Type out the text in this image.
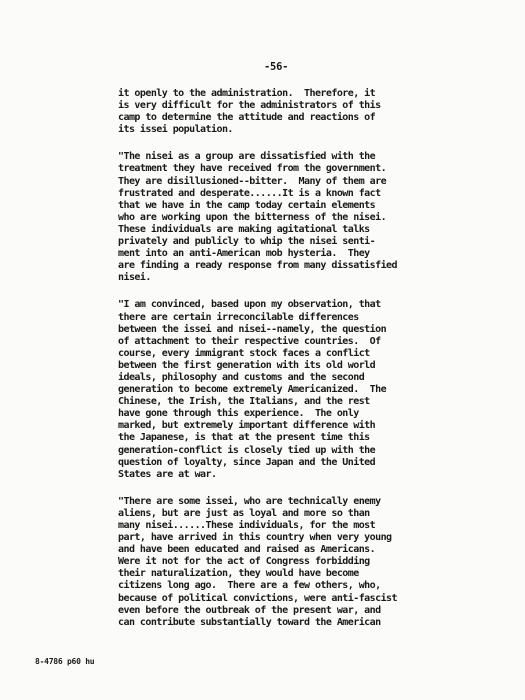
-56-
it openly to the administration.  Therefore, it
is very difficult for the administrators of this
camp to determine the attitude and reactions of
its issei population.
"The nisei as a group are dissatisfied with the
treatment they have received from the government.
They are disillusioned--bitter.  Many of them are
frustrated and desperate......It is a known fact
that we have in the camp today certain elements
who are working upon the bitterness of the nisei.
These individuals are making agitational talks
privately and publicly to whip the nisei senti-
ment into an anti-American mob hysteria.  They
are finding a ready response from many dissatisfied
nisei.
"I am convinced, based upon my observation, that
there are certain irreconcilable differences
between the issei and nisei--namely, the question
of attachment to their respective countries.  Of
course, every immigrant stock faces a conflict
between the first generation with its old world
ideals, philosophy and customs and the second
generation to become extremely Americanized.  The
Chinese, the Irish, the Italians, and the rest
have gone through this experience.  The only
marked, but extremely important difference with
the Japanese, is that at the present time this
generation-conflict is closely tied up with the
question of loyalty, since Japan and the United
States are at war.
"There are some issei, who are technically enemy
aliens, but are just as loyal and more so than
many nisei......These individuals, for the most
part, have arrived in this country when very young
and have been educated and raised as Americans.
Were it not for the act of Congress forbidding
their naturalization, they would have become
citizens long ago.  There are a few others, who,
because of political convictions, were anti-fascist
even before the outbreak of the present war, and
can contribute substantially toward the American
8-4786 p60 hu
